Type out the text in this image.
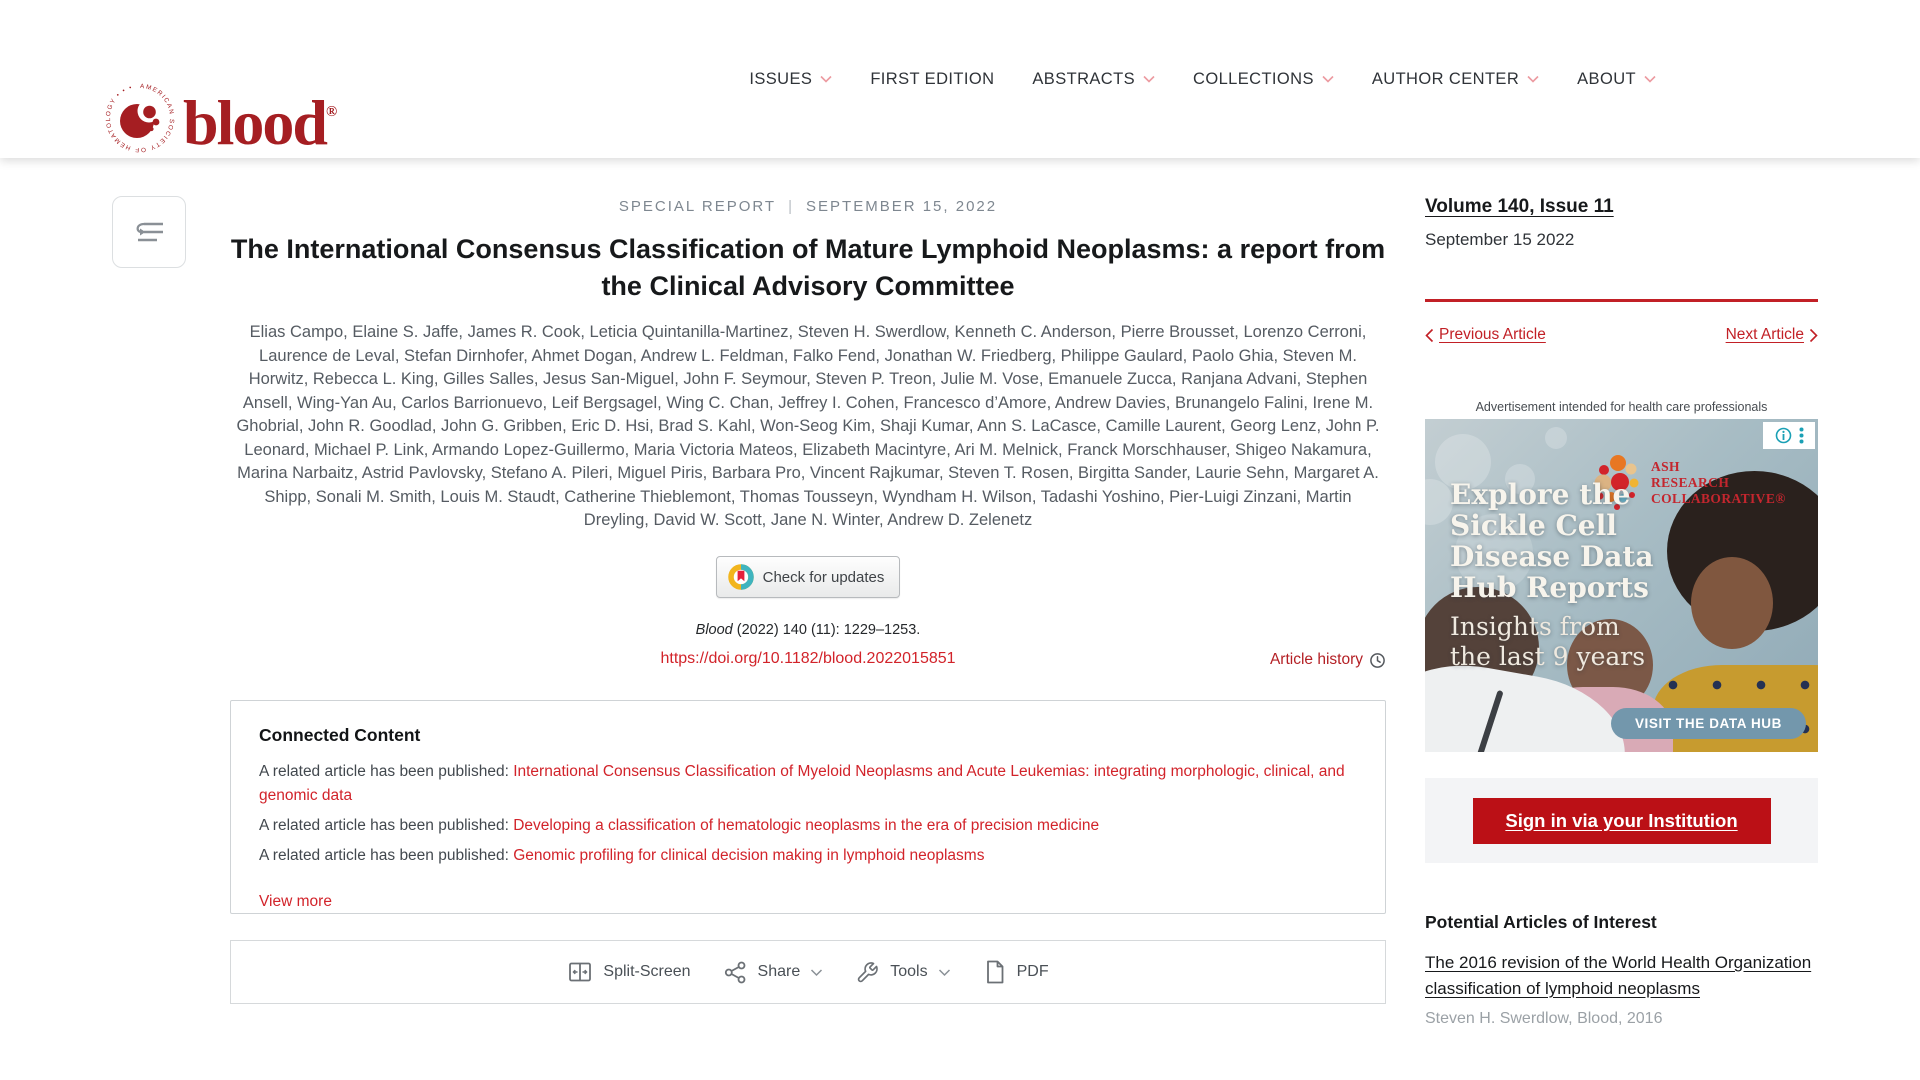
AMERICAN SOCIETY OF HEMATOLOGY • • • blood®
ISSUES	FIRST EDITION ABSTRACTS	COLLECTIONS	AUTHOR CENTER	ABOUT
SPECIAL REPORT | SEPTEMBER 15, 2022
The International Consensus Classification of Mature Lymphoid Neoplasms: a report from the Clinical Advisory Committee

Elias Campo, Elaine S. Jaffe, James R. Cook, Leticia Quintanilla-Martinez, Steven H. Swerdlow, Kenneth C. Anderson, Pierre Brousset, Lorenzo Cerroni, Laurence de Leval, Stefan Dirnhofer, Ahmet Dogan, Andrew L. Feldman, Falko Fend, Jonathan W. Friedberg, Philippe Gaulard, Paolo Ghia, Steven M. Horwitz, Rebecca L. King, Gilles Salles, Jesus San-Miguel, John F. Seymour, Steven P. Treon, Julie M. Vose, Emanuele Zucca, Ranjana Advani, Stephen Ansell, Wing-Yan Au, Carlos Barrionuevo, Leif Bergsagel, Wing C. Chan, Jeffrey I. Cohen, Francesco d’Amore, Andrew Davies, Brunangelo Falini, Irene M. Ghobrial, John R. Goodlad, John G. Gribben, Eric D. Hsi, Brad S. Kahl, Won-Seog Kim, Shaji Kumar, Ann S. LaCasce, Camille Laurent, Georg Lenz, John P. Leonard, Michael P. Link, Armando Lopez-Guillermo, Maria Victoria Mateos, Elizabeth Macintyre, Ari M. Melnick, Franck Morschhauser, Shigeo Nakamura, Marina Narbaitz, Astrid Pavlovsky, Stefano A. Pileri, Miguel Piris, Barbara Pro, Vincent Rajkumar, Steven T. Rosen, Birgitta Sander, Laurie Sehn, Margaret A. Shipp, Sonali M. Smith, Louis M. Staudt, Catherine Thieblemont, Thomas Tousseyn, Wyndham H. Wilson, Tadashi Yoshino, Pier-Luigi Zinzani, Martin Dreyling, David W. Scott, Jane N. Winter, Andrew D. Zelenetz

Check for updates
Blood (2022) 140 (11): 1229–1253.
https://doi.org/10.1182/blood.2022015851	Article history
Connected Content
A related article has been published: International Consensus Classification of Myeloid Neoplasms and Acute Leukemias: integrating morphologic, clinical, and genomic data
A related article has been published: Developing a classification of hematologic neoplasms in the era of precision medicine
A related article has been published: Genomic profiling for clinical decision making in lymphoid neoplasms
View more
Split-Screen	Share	Tools	PDF
Volume 140, Issue 11
September 15 2022
Previous Article	Next Article
Advertisement intended for health care professionals
ASH
RESEARCH
COLLABORATIVE®
Explore the
Sickle Cell
Disease Data
Hub Reports
Insights from
the last 9 years
VISIT THE DATA HUB
Sign in via your Institution
Potential Articles of Interest
The 2016 revision of the World Health Organization classification of lymphoid neoplasms
Steven H. Swerdlow, Blood, 2016
